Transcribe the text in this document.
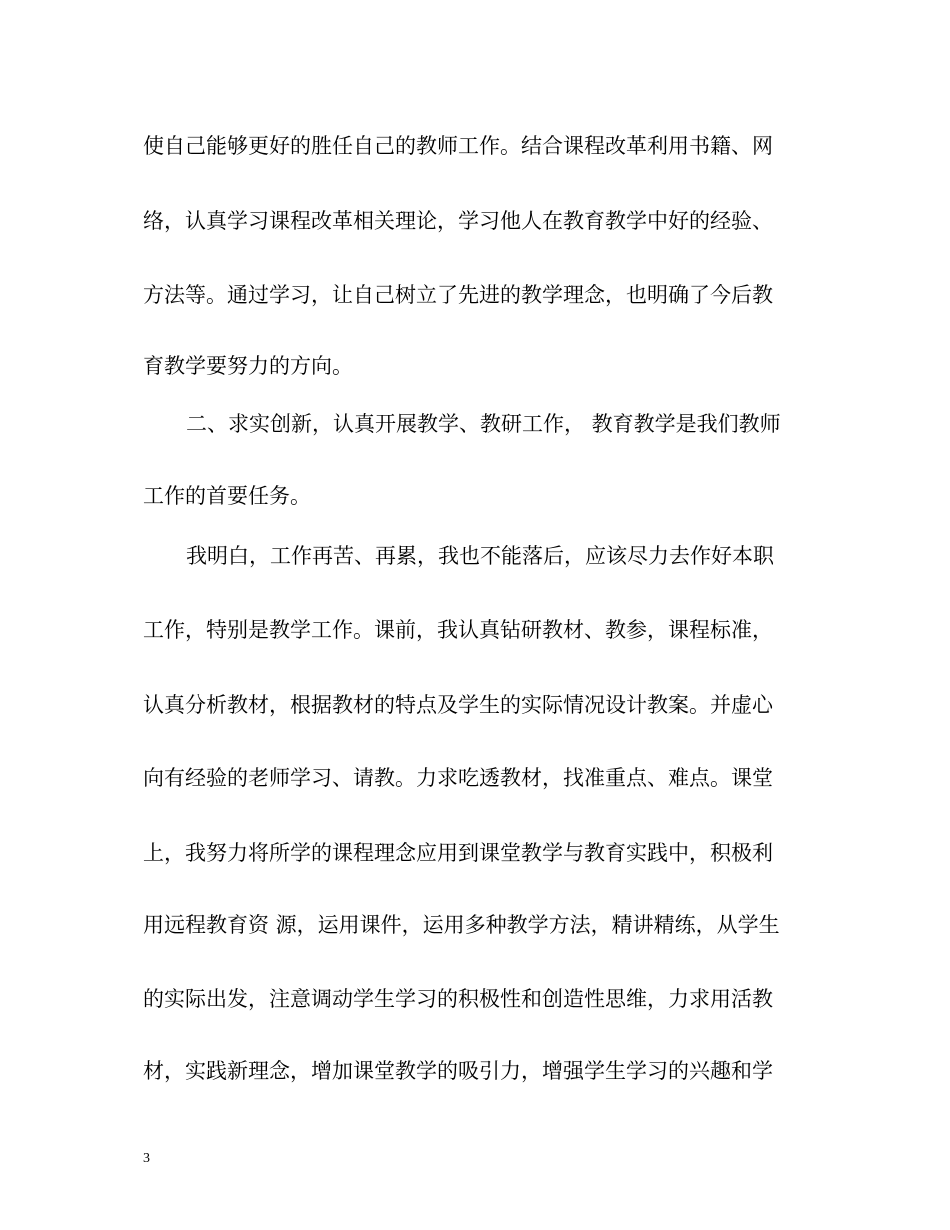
使自己能够更好的胜任自己的教师工作。结合课程改革利用书籍、网
络，认真学习课程改革相关理论，学习他人在教育教学中好的经验、
方法等。通过学习，让自己树立了先进的教学理念，也明确了今后教
育教学要努力的方向。
二、求实创新，认真开展教学、教研工作， 教育教学是我们教师
工作的首要任务。
我明白，工作再苦、再累，我也不能落后，应该尽力去作好本职
工作，特别是教学工作。课前，我认真钻研教材、教参，课程标准，
认真分析教材，根据教材的特点及学生的实际情况设计教案。并虚心
向有经验的老师学习、请教。力求吃透教材，找准重点、难点。课堂
上，我努力将所学的课程理念应用到课堂教学与教育实践中，积极利
用远程教育资 源，运用课件，运用多种教学方法，精讲精练，从学生
的实际出发，注意调动学生学习的积极性和创造性思维，力求用活教
材，实践新理念，增加课堂教学的吸引力，增强学生学习的兴趣和学
3
